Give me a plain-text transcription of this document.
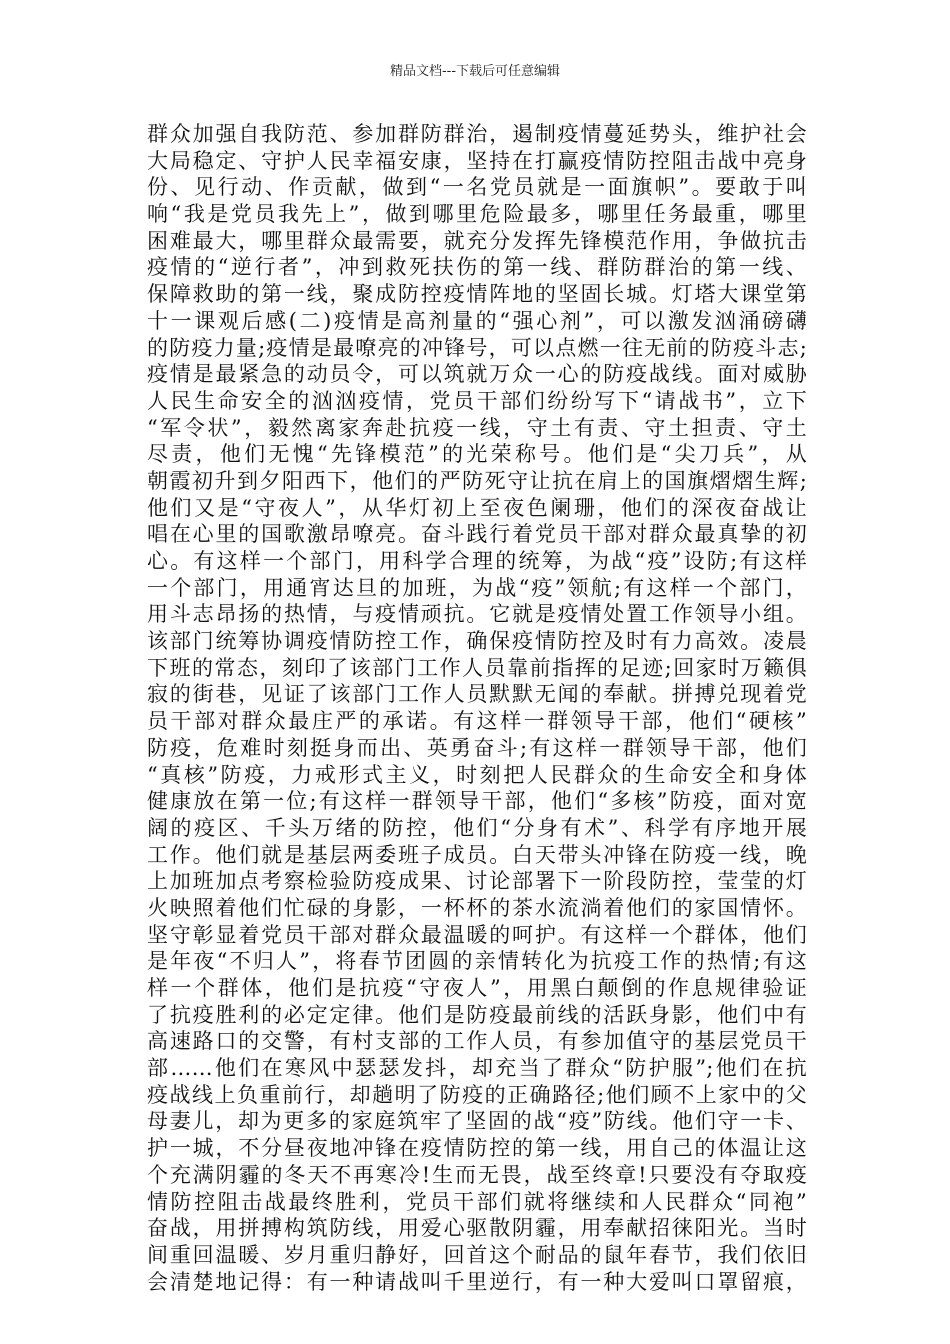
精品文档---下载后可任意编辑
群众加强自我防范、参加群防群治，遏制疫情蔓延势头，维护社会
大局稳定、守护人民幸福安康，坚持在打赢疫情防控阻击战中亮身
份、见行动、作贡献，做到“一名党员就是一面旗帜”。要敢于叫
响“我是党员我先上”，做到哪里危险最多，哪里任务最重，哪里
困难最大，哪里群众最需要，就充分发挥先锋模范作用，争做抗击
疫情的“逆行者”，冲到救死扶伤的第一线、群防群治的第一线、
保障救助的第一线，聚成防控疫情阵地的坚固长城。灯塔大课堂第
十一课观后感(二)疫情是高剂量的“强心剂”，可以激发汹涌磅礴
的防疫力量;疫情是最嘹亮的冲锋号，可以点燃一往无前的防疫斗志;
疫情是最紧急的动员令，可以筑就万众一心的防疫战线。面对威胁
人民生命安全的汹汹疫情，党员干部们纷纷写下“请战书”，立下
“军令状”，毅然离家奔赴抗疫一线，守土有责、守土担责、守土
尽责，他们无愧“先锋模范”的光荣称号。他们是“尖刀兵”，从
朝霞初升到夕阳西下，他们的严防死守让抗在肩上的国旗熠熠生辉;
他们又是“守夜人”，从华灯初上至夜色阑珊，他们的深夜奋战让
唱在心里的国歌激昂嘹亮。奋斗践行着党员干部对群众最真挚的初
心。有这样一个部门，用科学合理的统筹，为战“疫”设防;有这样
一个部门，用通宵达旦的加班，为战“疫”领航;有这样一个部门，
用斗志昂扬的热情，与疫情顽抗。它就是疫情处置工作领导小组。
该部门统筹协调疫情防控工作，确保疫情防控及时有力高效。凌晨
下班的常态，刻印了该部门工作人员靠前指挥的足迹;回家时万籁俱
寂的街巷，见证了该部门工作人员默默无闻的奉献。拼搏兑现着党
员干部对群众最庄严的承诺。有这样一群领导干部，他们“硬核”
防疫，危难时刻挺身而出、英勇奋斗;有这样一群领导干部，他们
“真核”防疫，力戒形式主义，时刻把人民群众的生命安全和身体
健康放在第一位;有这样一群领导干部，他们“多核”防疫，面对宽
阔的疫区、千头万绪的防控，他们“分身有术”、科学有序地开展
工作。他们就是基层两委班子成员。白天带头冲锋在防疫一线，晚
上加班加点考察检验防疫成果、讨论部署下一阶段防控，莹莹的灯
火映照着他们忙碌的身影，一杯杯的茶水流淌着他们的家国情怀。
坚守彰显着党员干部对群众最温暖的呵护。有这样一个群体，他们
是年夜“不归人”，将春节团圆的亲情转化为抗疫工作的热情;有这
样一个群体，他们是抗疫“守夜人”，用黑白颠倒的作息规律验证
了抗疫胜利的必定定律。他们是防疫最前线的活跃身影，他们中有
高速路口的交警，有村支部的工作人员，有参加值守的基层党员干
部……他们在寒风中瑟瑟发抖，却充当了群众“防护服”;他们在抗
疫战线上负重前行，却趟明了防疫的正确路径;他们顾不上家中的父
母妻儿，却为更多的家庭筑牢了坚固的战“疫”防线。他们守一卡、
护一城，不分昼夜地冲锋在疫情防控的第一线，用自己的体温让这
个充满阴霾的冬天不再寒冷!生而无畏，战至终章!只要没有夺取疫
情防控阻击战最终胜利，党员干部们就将继续和人民群众“同袍”
奋战，用拼搏构筑防线，用爱心驱散阴霾，用奉献招徕阳光。当时
间重回温暖、岁月重归静好，回首这个耐品的鼠年春节，我们依旧
会清楚地记得：有一种请战叫千里逆行，有一种大爱叫口罩留痕，
